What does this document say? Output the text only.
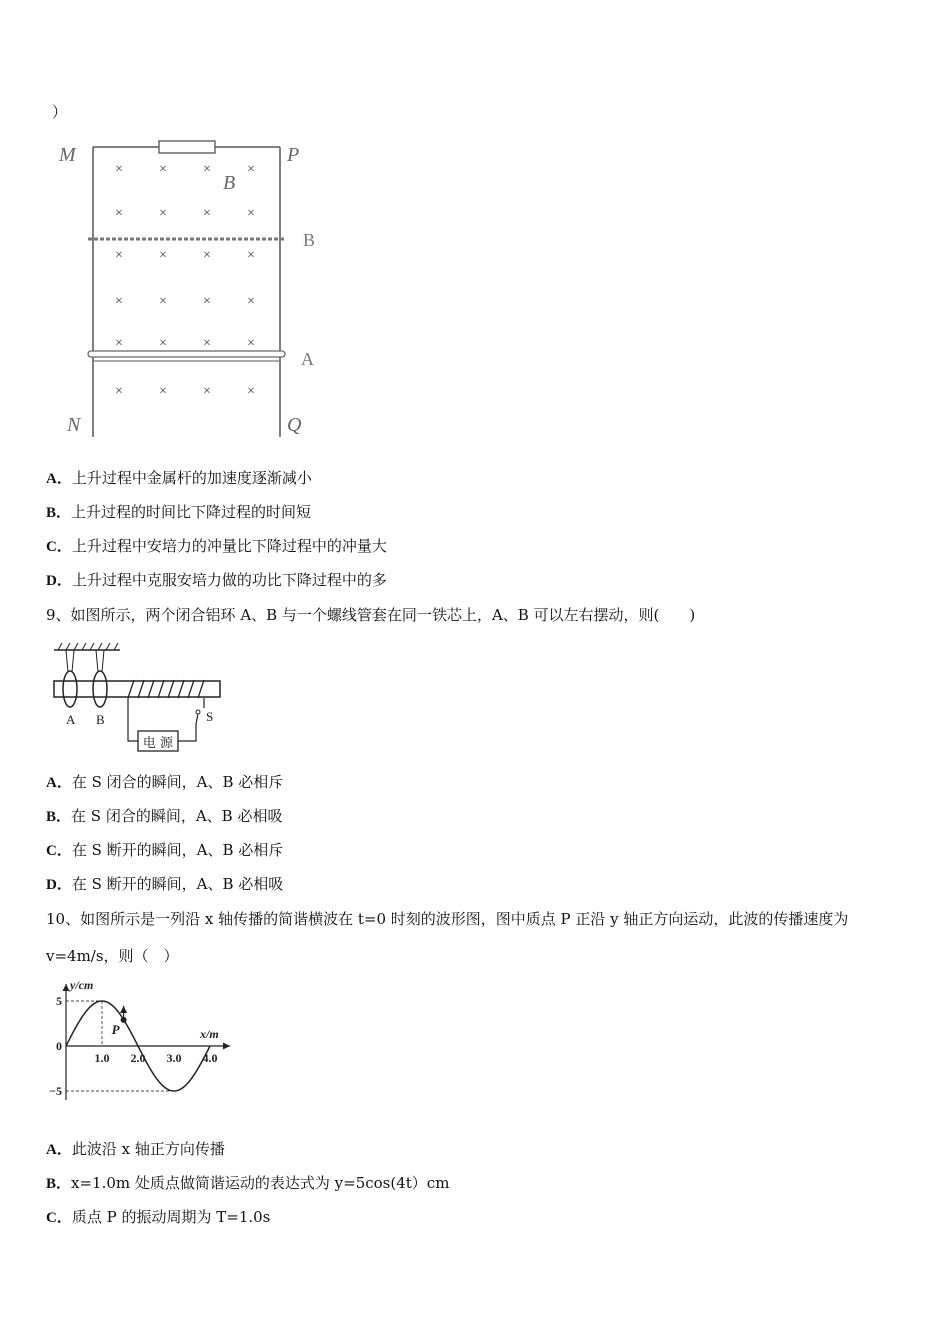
）
×	×	×	×
×	×	×	×
×	×	×	×
×	×	×	×
×	×	×	×
×	×	×	×
M	P
N	Q
B
B
A
A．上升过程中金属杆的加速度逐渐减小
B．上升过程的时间比下降过程的时间短
C．上升过程中安培力的冲量比下降过程中的冲量大
D．上升过程中克服安培力做的功比下降过程中的多
9、如图所示，两个闭合铝环 A、B 与一个螺线管套在同一铁芯上，A、B 可以左右摆动，则(　　)
电 源
A B	S
A．在 S 闭合的瞬间，A、B 必相斥
B．在 S 闭合的瞬间，A、B 必相吸
C．在 S 断开的瞬间，A、B 必相斥
D．在 S 断开的瞬间，A、B 必相吸
10、如图所示是一列沿 x 轴传播的简谐横波在 t=0 时刻的波形图，图中质点 P 正沿 y 轴正方向运动，此波的传播速度为
v=4m/s，则（　）
y/cm
x/m
5
0
−5
1.0 2.0 3.0 4.0
P
A．此波沿 x 轴正方向传播
B．x=1.0m 处质点做简谐运动的表达式为 y=5cos(4t）cm
C．质点 P 的振动周期为 T=1.0s
